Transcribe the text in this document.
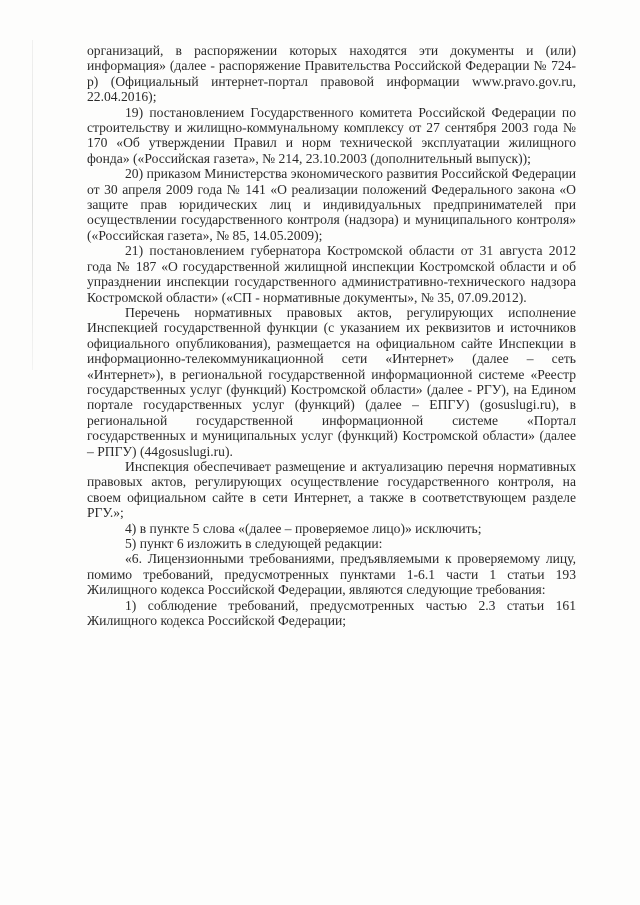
организаций, в распоряжении которых находятся эти документы и (или) информация» (далее - распоряжение Правительства Российской Федерации № 724-р) (Официальный интернет-портал правовой информации www.pravo.gov.ru, 22.04.2016);

19) постановлением Государственного комитета Российской Федерации по строительству и жилищно-коммунальному комплексу от 27 сентября 2003 года № 170 «Об утверждении Правил и норм технической эксплуатации жилищного фонда» («Российская газета», № 214, 23.10.2003 (дополнительный выпуск));

20) приказом Министерства экономического развития Российской Федерации от 30 апреля 2009 года № 141 «О реализации положений Федерального закона «О защите прав юридических лиц и индивидуальных предпринимателей при осуществлении государственного контроля (надзора) и муниципального контроля» («Российская газета», № 85, 14.05.2009);

21) постановлением губернатора Костромской области от 31 августа 2012 года № 187 «О государственной жилищной инспекции Костромской области и об упразднении инспекции государственного административно-технического надзора Костромской области» («СП - нормативные документы», № 35, 07.09.2012).

Перечень нормативных правовых актов, регулирующих исполнение Инспекцией государственной функции (с указанием их реквизитов и источников официального опубликования), размещается на официальном сайте Инспекции в информационно-телекоммуникационной сети «Интернет» (далее – сеть «Интернет»), в региональной государственной информационной системе «Реестр государственных услуг (функций) Костромской области» (далее - РГУ), на Едином портале государственных услуг (функций) (далее – ЕПГУ) (gosuslugi.ru), в региональной государственной информационной системе «Портал государственных и муниципальных услуг (функций) Костромской области» (далее – РПГУ) (44gosuslugi.ru).

Инспекция обеспечивает размещение и актуализацию перечня нормативных правовых актов, регулирующих осуществление государственного контроля, на своем официальном сайте в сети Интернет, а также в соответствующем разделе РГУ.»;

4) в пункте 5 слова «(далее – проверяемое лицо)» исключить;

5) пункт 6 изложить в следующей редакции:

«6. Лицензионными требованиями, предъявляемыми к проверяемому лицу, помимо требований, предусмотренных пунктами 1-6.1 части 1 статьи 193 Жилищного кодекса Российской Федерации, являются следующие требования:

1) соблюдение требований, предусмотренных частью 2.3 статьи 161 Жилищного кодекса Российской Федерации;
